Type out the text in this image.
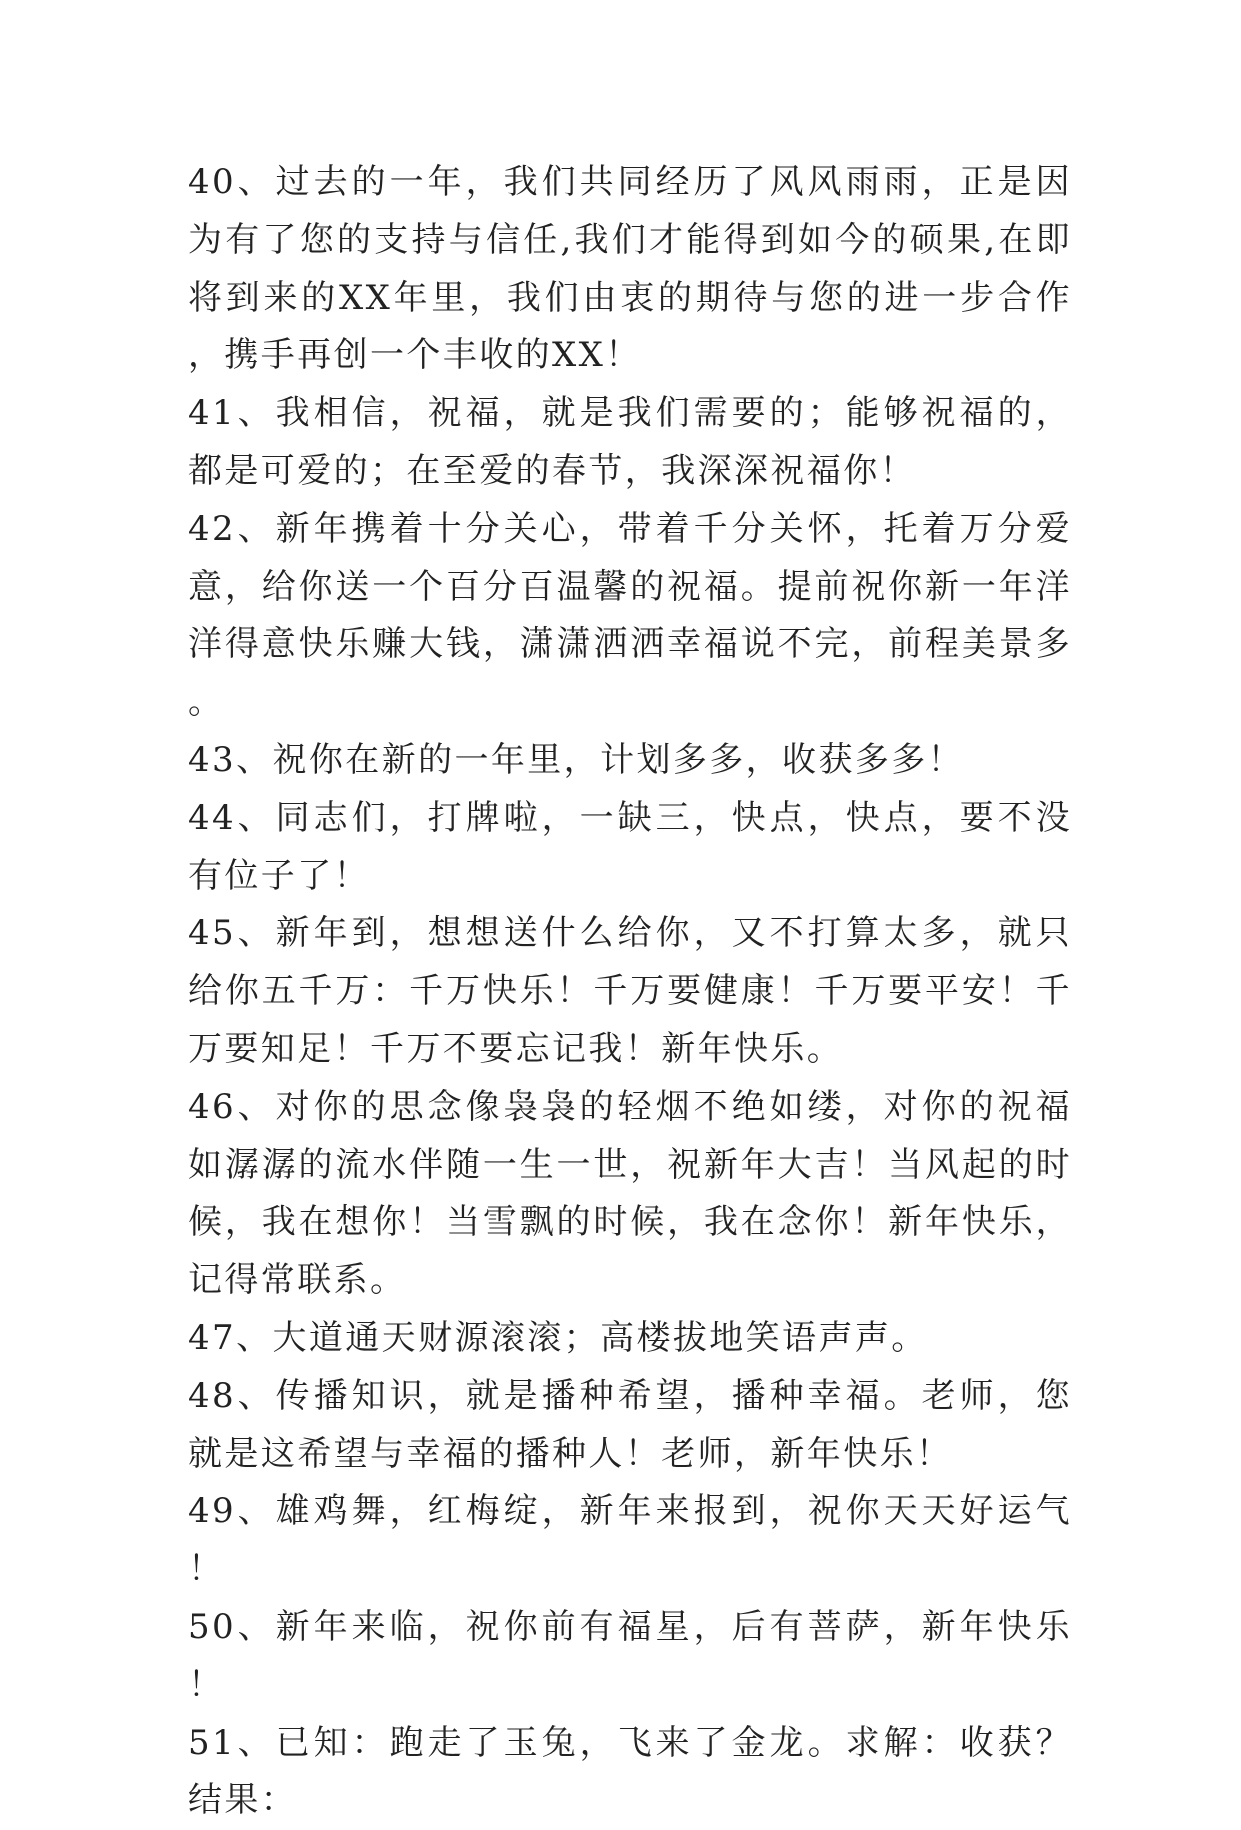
40、过去的一年，我们共同经历了风风雨雨，正是因为有了您的支持与信任,我们才能得到如今的硕果,在即将到来的XX年里，我们由衷的期待与您的进一步合作，携手再创一个丰收的XX！

41、我相信，祝福，就是我们需要的；能够祝福的，都是可爱的；在至爱的春节，我深深祝福你！

42、新年携着十分关心，带着千分关怀，托着万分爱意，给你送一个百分百温馨的祝福。提前祝你新一年洋洋得意快乐赚大钱，潇潇洒洒幸福说不完，前程美景多。

43、祝你在新的一年里，计划多多，收获多多！

44、同志们，打牌啦，一缺三，快点，快点，要不没有位子了！

45、新年到，想想送什么给你，又不打算太多，就只给你五千万：千万快乐！千万要健康！千万要平安！千万要知足！千万不要忘记我！新年快乐。

46、对你的思念像袅袅的轻烟不绝如缕，对你的祝福如潺潺的流水伴随一生一世，祝新年大吉！当风起的时候，我在想你！当雪飘的时候，我在念你！新年快乐，记得常联系。

47、大道通天财源滚滚；高楼拔地笑语声声。

48、传播知识，就是播种希望，播种幸福。老师，您就是这希望与幸福的播种人！老师，新年快乐！

49、雄鸡舞，红梅绽，新年来报到，祝你天天好运气！

50、新年来临，祝你前有福星，后有菩萨，新年快乐！

51、已知：跑走了玉兔，飞来了金龙。求解：收获？结果：
